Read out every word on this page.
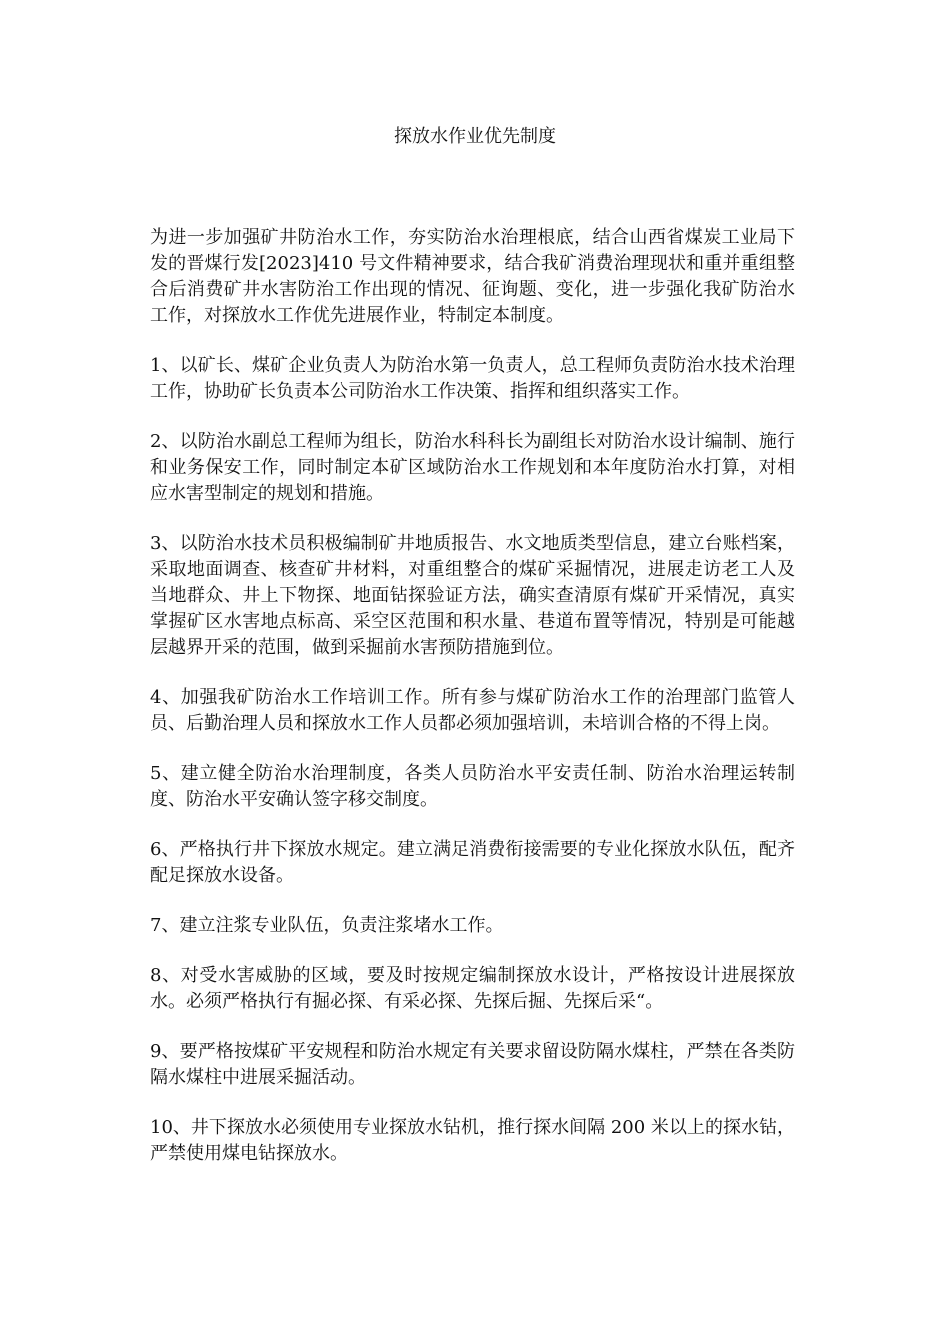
探放水作业优先制度

为进一步加强矿井防治水工作，夯实防治水治理根底，结合山西省煤炭工业局下发的晋煤行发[2023]410 号文件精神要求，结合我矿消费治理现状和重并重组整合后消费矿井水害防治工作出现的情况、征询题、变化，进一步强化我矿防治水工作，对探放水工作优先进展作业，特制定本制度。

1、以矿长、煤矿企业负责人为防治水第一负责人，总工程师负责防治水技术治理工作，协助矿长负责本公司防治水工作决策、指挥和组织落实工作。

2、以防治水副总工程师为组长，防治水科科长为副组长对防治水设计编制、施行和业务保安工作，同时制定本矿区域防治水工作规划和本年度防治水打算，对相应水害型制定的规划和措施。

3、以防治水技术员积极编制矿井地质报告、水文地质类型信息，建立台账档案，采取地面调查、核查矿井材料，对重组整合的煤矿采掘情况，进展走访老工人及当地群众、井上下物探、地面钻探验证方法，确实查清原有煤矿开采情况，真实掌握矿区水害地点标高、采空区范围和积水量、巷道布置等情况，特别是可能越层越界开采的范围，做到采掘前水害预防措施到位。

4、加强我矿防治水工作培训工作。所有参与煤矿防治水工作的治理部门监管人员、后勤治理人员和探放水工作人员都必须加强培训，未培训合格的不得上岗。

5、建立健全防治水治理制度，各类人员防治水平安责任制、防治水治理运转制度、防治水平安确认签字移交制度。

6、严格执行井下探放水规定。建立满足消费衔接需要的专业化探放水队伍，配齐配足探放水设备。

7、建立注浆专业队伍，负责注浆堵水工作。

8、对受水害威胁的区域，要及时按规定编制探放水设计，严格按设计进展探放水。必须严格执行有掘必探、有采必探、先探后掘、先探后采“。

9、要严格按煤矿平安规程和防治水规定有关要求留设防隔水煤柱，严禁在各类防隔水煤柱中进展采掘活动。

10、井下探放水必须使用专业探放水钻机，推行探水间隔 200 米以上的探水钻，严禁使用煤电钻探放水。
